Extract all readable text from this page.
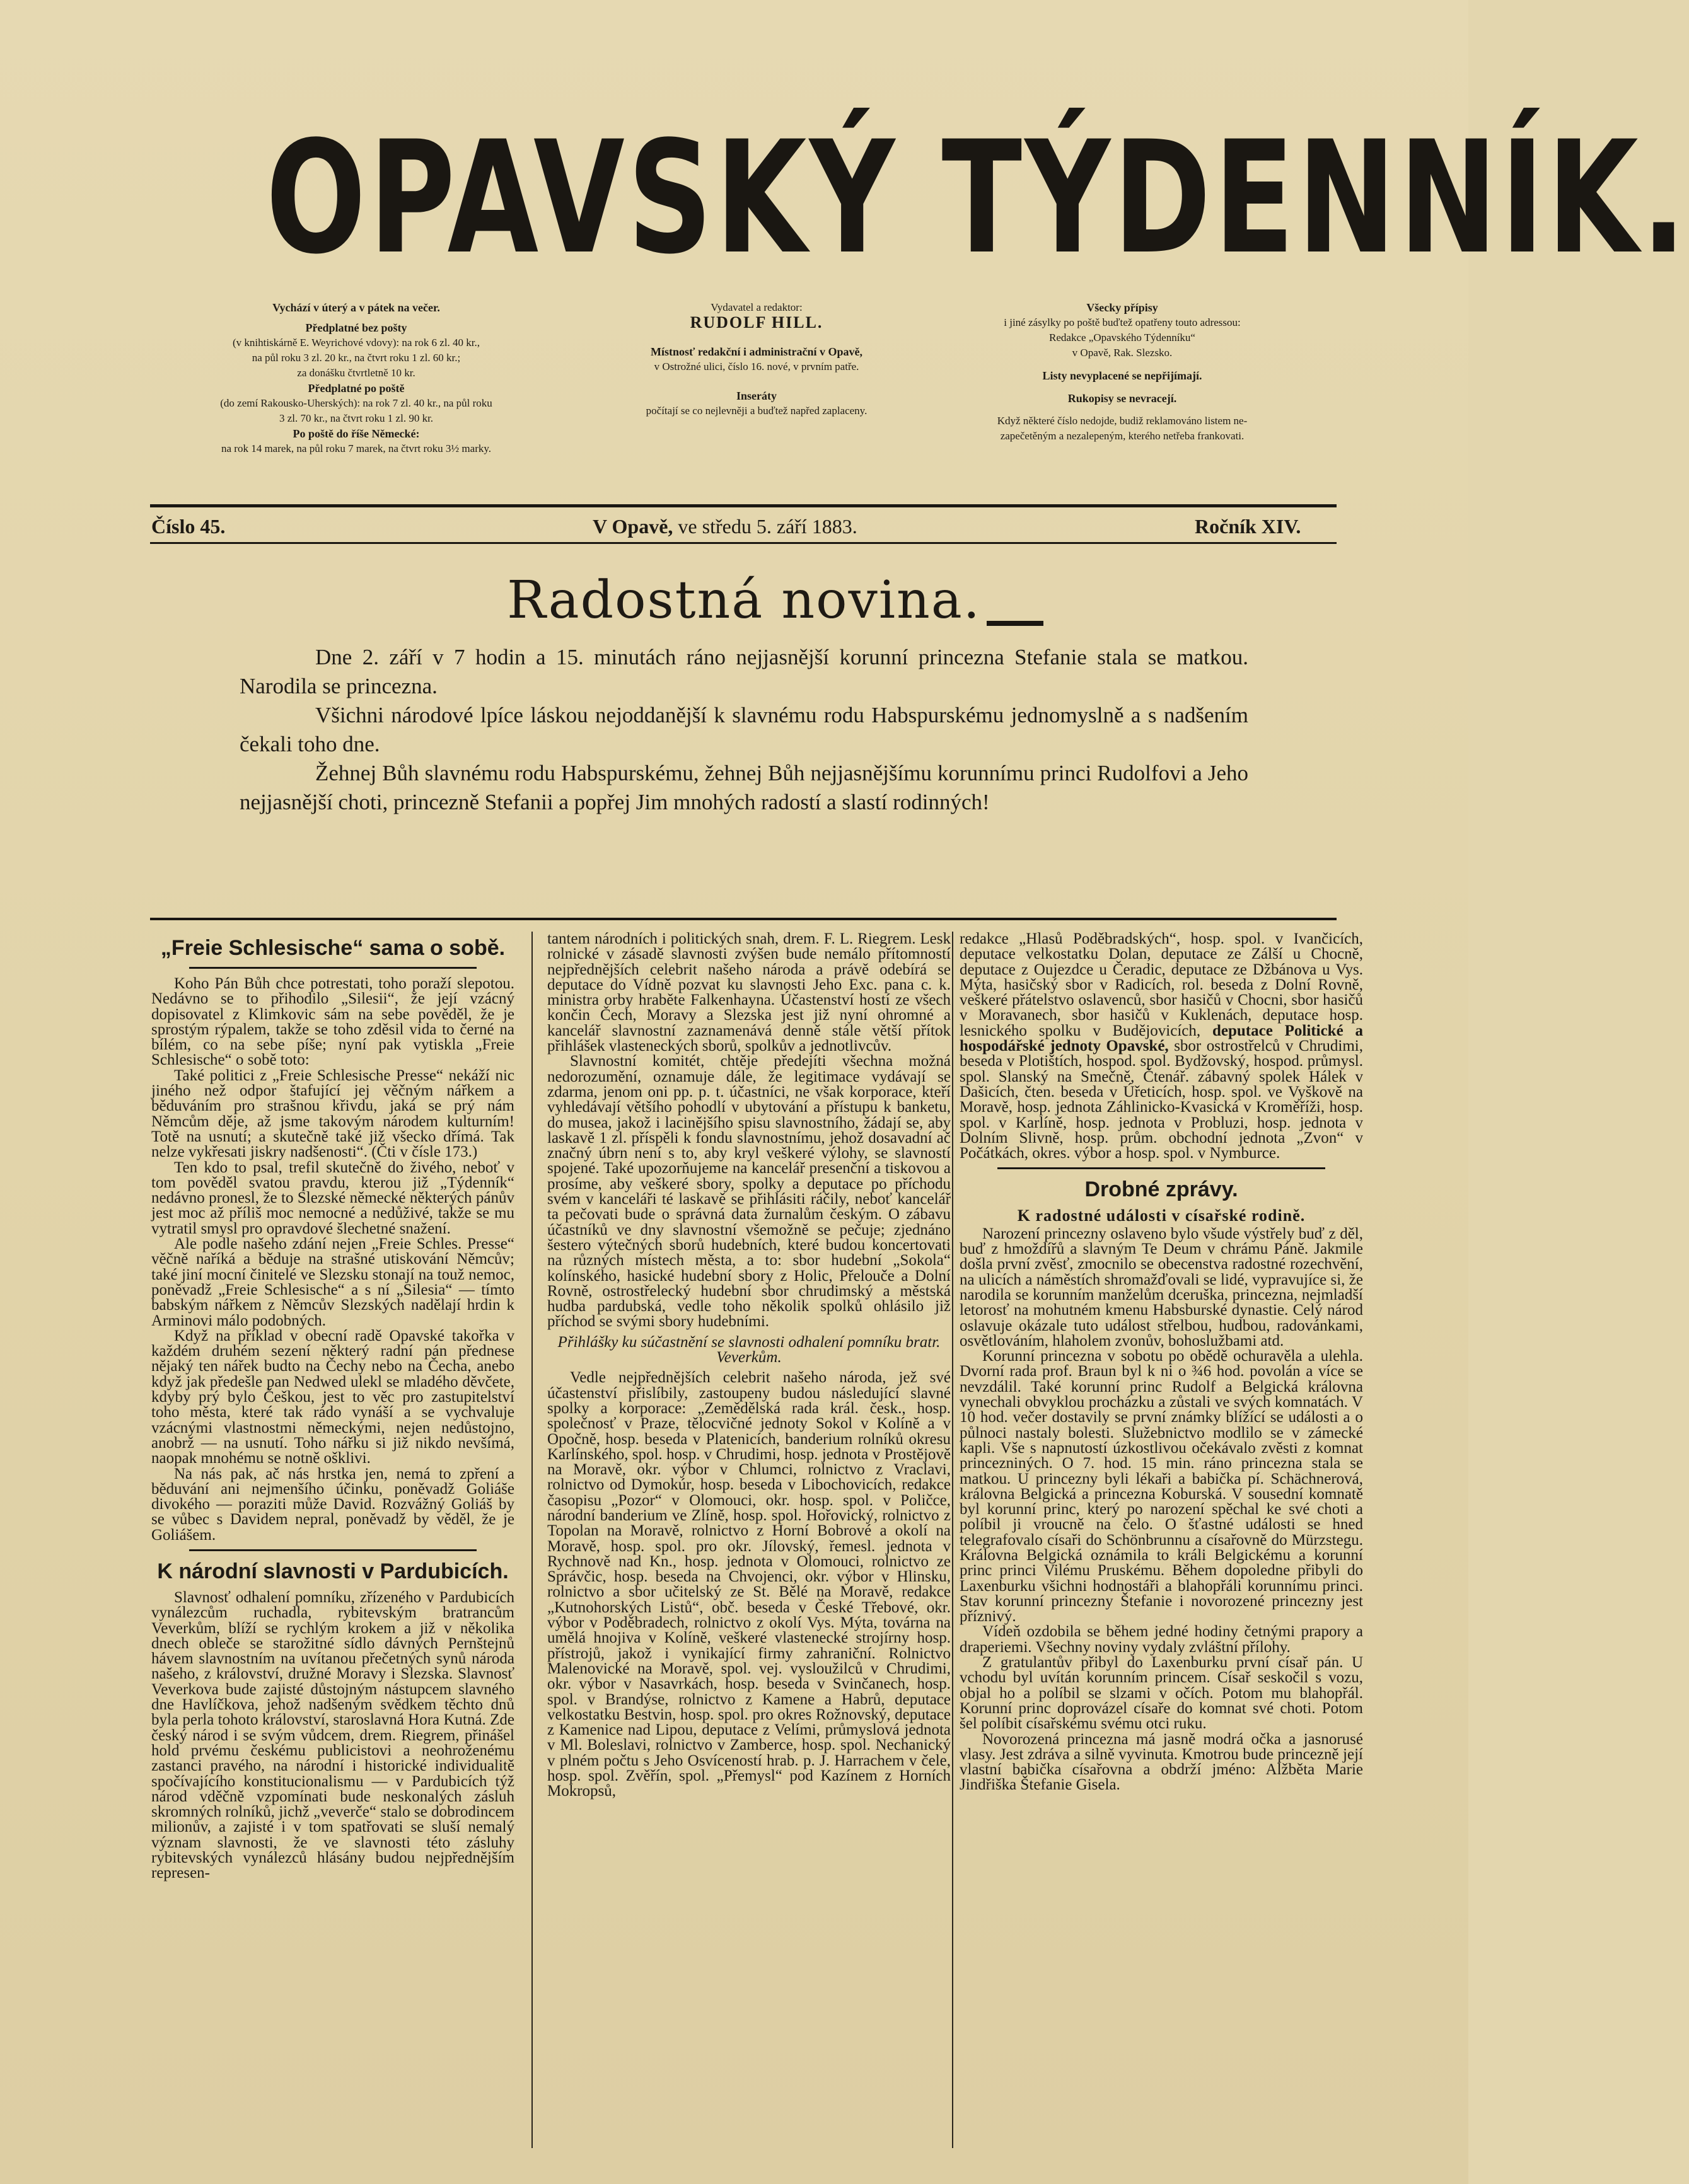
OPAVSKÝ TÝDENNÍK.
Vychází v úterý a v pátek na večer.
Předplatné bez pošty
(v knihtiskárně E. Weyrichové vdovy): na rok 6 zl. 40 kr.,
na půl roku 3 zl. 20 kr., na čtvrt roku 1 zl. 60 kr.;
za donášku čtvrtletně 10 kr.
Předplatné po poště
(do zemí Rakousko-Uherských): na rok 7 zl. 40 kr., na půl roku
3 zl. 70 kr., na čtvrt roku 1 zl. 90 kr.
Po poště do říše Německé:
na rok 14 marek, na půl roku 7 marek, na čtvrt roku 3½ marky.
Vydavatel a redaktor:
RUDOLF HILL.
Místnosť redakční i administrační v Opavě,
v Ostrožné ulici, číslo 16. nové, v prvním patře.
Inseráty
počítají se co nejlevněji a buďtež napřed zaplaceny.
Všecky přípisy
i jiné zásylky po poště buďtež opatřeny touto adressou:
Redakce „Opavského Týdenníku“
v Opavě, Rak. Slezsko.
Listy nevyplacené se nepřijímají.
Rukopisy se nevracejí.
Když některé číslo nedojde, budiž reklamováno listem ne-
zapečetěným a nezalepeným, kterého netřeba frankovati.
Číslo 45.	V Opavě, ve středu 5. září 1883.	Ročník XIV.
Radostná novina.

Dne 2. září v 7 hodin a 15. minutách ráno nejjasnější korunní princezna Stefanie stala se matkou. Narodila se princezna.

Všichni národové lpíce láskou nejoddanější k slavnému rodu Habspurskému jednomyslně a s nadšením čekali toho dne.

Žehnej Bůh slavnému rodu Habspurskému, žehnej Bůh nejjasnějšímu korunnímu princi Rudolfovi a Jeho nejjasnější choti, princezně Stefanii a popřej Jim mnohých radostí a slastí rodinných!

„Freie Schlesische“ sama o sobě.

Koho Pán Bůh chce potrestati, toho poraží slepotou. Nedávno se to přihodilo „Silesii“, že její vzácný dopisovatel z Klimkovic sám na sebe pověděl, že je sprostým rýpalem, takže se toho zděsil vida to černé na bílém, co na sebe píše; nyní pak vytiskla „Freie Schlesische“ o sobě toto:

Také politici z „Freie Schlesische Presse“ nekáží nic jiného než odpor štafující jej věčným nářkem a běduváním pro strašnou křivdu, jaká se prý nám Němcům děje, až jsme takovým národem kulturním! Totě na usnutí; a skutečně také již všecko dřímá. Tak nelze vykřesati jiskry nadšenosti“. (Čti v čísle 173.)

Ten kdo to psal, trefil skutečně do živého, neboť v tom pověděl svatou pravdu, kterou již „Týdenník“ nedávno pronesl, že to Slezské německé některých pánův jest moc až příliš moc nemocné a nedůživé, takže se mu vytratil smysl pro opravdové šlechetné snažení.

Ale podle našeho zdání nejen „Freie Schles. Presse“ věčně naříká a běduje na strašné utiskování Němcův; také jiní mocní činitelé ve Slezsku stonají na touž nemoc, poněvadž „Freie Schlesische“ a s ní „Silesia“ — tímto babským nářkem z Němcův Slezských nadělají hrdin k Arminovi málo podobných.

Když na příklad v obecní radě Opavské takořka v každém druhém sezení některý radní pán přednese nějaký ten nářek budto na Čechy nebo na Čecha, anebo když jak předešle pan Nedwed ulekl se mladého děvčete, kdyby prý bylo Češkou, jest to věc pro zastupitelství toho města, které tak rádo vynáší a se vychvaluje vzácnými vlastnostmi německými, nejen nedůstojno, anobrž — na usnutí. Toho nářku si již nikdo nevšímá, naopak mnohému se notně ošklivi.

Na nás pak, ač nás hrstka jen, nemá to zpření a běduvání ani nejmenšího účinku, poněvadž Goliáše divokého — poraziti může David. Rozvážný Goliáš by se vůbec s Davidem nepral, poněvadž by věděl, že je Goliášem.

K národní slavnosti v Pardubicích.

Slavnosť odhalení pomníku, zřízeného v Pardubicích vynálezcům ruchadla, rybitevským bratrancům Veverkům, blíží se rychlým krokem a již v několika dnech obleče se starožitné sídlo dávných Pernštejnů hávem slavnostním na uvítanou přečetných synů národa našeho, z království, družné Moravy i Slezska. Slavnosť Veverkova bude zajisté důstojným nástupcem slavného dne Havlíčkova, jehož nadšeným svědkem těchto dnů byla perla tohoto království, staroslavná Hora Kutná. Zde český národ i se svým vůdcem, drem. Riegrem, přinášel hold prvému českému publicistovi a neohroženému zastanci pravého, na národní i historické individualitě spočívajícího konstitucionalismu — v Pardubicích týž národ vděčně vzpomínati bude neskonalých zásluh skromných rolníků, jichž „veverče“ stalo se dobrodincem milionův, a zajisté i v tom spatřovati se sluší nemalý význam slavnosti, že ve slavnosti této zásluhy rybitevských vynálezců hlásány budou nejpřednějším represen-

tantem národních i politických snah, drem. F. L. Riegrem. Lesk rolnické v zásadě slavnosti zvýšen bude nemálo přítomností nejpřednějších celebrit našeho národa a právě odebírá se deputace do Vídně pozvat ku slavnosti Jeho Exc. pana c. k. ministra orby hraběte Falkenhayna. Účastenství hostí ze všech končin Čech, Moravy a Slezska jest již nyní ohromné a kancelář slavnostní zaznamenává denně stále větší přítok přihlášek vlasteneckých sborů, spolkův a jednotlivcův.

Slavnostní komitét, chtěje předejíti všechna možná nedorozumění, oznamuje dále, že legitimace vydávají se zdarma, jenom oni pp. p. t. účastníci, ne však korporace, kteří vyhledávají většího pohodlí v ubytování a přístupu k banketu, do musea, jakož i lacinějšího spisu slavnostního, žádají se, aby laskavě 1 zl. příspěli k fondu slavnostnímu, jehož dosavadní ač značný úbrn není s to, aby kryl veškeré výlohy, se slavností spojené. Také upozorňujeme na kancelář presenční a tiskovou a prosíme, aby veškeré sbory, spolky a deputace po příchodu svém v kanceláři té laskavě se přihlásiti ráčily, neboť kancelář ta pečovati bude o správná data žurnalům českým. O zábavu účastníků ve dny slavnostní všemožně se pečuje; zjednáno šestero výtečných sborů hudebních, které budou koncertovati na různých místech města, a to: sbor hudební „Sokola“ kolínského, hasické hudební sbory z Holic, Přelouče a Dolní Rovně, ostrostřelecký hudební sbor chrudimský a městská hudba pardubská, vedle toho několik spolků ohlásilo již příchod se svými sbory hudebními.

Přihlášky ku súčastnění se slavnosti odhalení pomníku bratr. Veverkům.

Vedle nejpřednějších celebrit našeho národa, jež své účastenství přislíbily, zastoupeny budou následující slavné spolky a korporace: „Zemědělská rada král. česk., hosp. společnosť v Praze, tělocvičné jednoty Sokol v Kolíně a v Opočně, hosp. beseda v Platenicích, banderium rolníků okresu Karlínského, spol. hosp. v Chrudimi, hosp. jednota v Prostějově na Moravě, okr. výbor v Chlumci, rolnictvo z Vraclavi, rolnictvo od Dymokúr, hosp. beseda v Libochovicích, redakce časopisu „Pozor“ v Olomouci, okr. hosp. spol. v Poličce, národní banderium ve Zlíně, hosp. spol. Hořovický, rolnictvo z Topolan na Moravě, rolnictvo z Horní Bobrové a okolí na Moravě, hosp. spol. pro okr. Jílovský, řemesl. jednota v Rychnově nad Kn., hosp. jednota v Olomouci, rolnictvo ze Správčic, hosp. beseda na Chvojenci, okr. výbor v Hlinsku, rolnictvo a sbor učitelský ze St. Bělé na Moravě, redakce „Kutnohorských Listů“, obč. beseda v České Třebové, okr. výbor v Poděbradech, rolnictvo z okolí Vys. Mýta, továrna na umělá hnojiva v Kolíně, veškeré vlastenecké strojírny hosp. přístrojů, jakož i vynikající firmy zahraniční. Rolnictvo Malenovické na Moravě, spol. vej. vysloužilců v Chrudimi, okr. výbor v Nasavrkách, hosp. beseda v Svinčanech, hosp. spol. v Brandýse, rolnictvo z Kamene a Habrů, deputace velkostatku Bestvin, hosp. spol. pro okres Rožnovský, deputace z Kamenice nad Lipou, deputace z Velími, průmyslová jednota v Ml. Boleslavi, rolnictvo v Zamberce, hosp. spol. Nechanický v plném počtu s Jeho Osvíceností hrab. p. J. Harrachem v čele, hosp. spol. Zvěřín, spol. „Přemysl“ pod Kazínem z Horních Mokropsů,

redakce „Hlasů Poděbradských“, hosp. spol. v Ivančicích, deputace velkostatku Dolan, deputace ze Zálší u Chocně, deputace z Oujezdce u Čeradic, deputace ze Džbánova u Vys. Mýta, hasičský sbor v Radicích, rol. beseda z Dolní Rovně, veškeré přátelstvo oslavenců, sbor hasičů v Chocni, sbor hasičů v Moravanech, sbor hasičů v Kuklenách, deputace hosp. lesnického spolku v Budějovicích, deputace Politické a hospodářské jednoty Opavské, sbor ostrostřelců v Chrudimi, beseda v Plotištích, hospod. spol. Bydžovský, hospod. průmysl. spol. Slanský na Smečně, Čtenář. zábavný spolek Hálek v Dašicích, čten. beseda v Úřeticích, hosp. spol. ve Vyškově na Moravě, hosp. jednota Záhlinicko-Kvasická v Kroměříži, hosp. spol. v Karlíně, hosp. jednota v Probluzi, hosp. jednota v Dolním Slivně, hosp. prům. obchodní jednota „Zvon“ v Počátkách, okres. výbor a hosp. spol. v Nymburce.

Drobné zprávy.
K radostné události v císařské rodině.

Narození princezny oslaveno bylo všude výstřely buď z děl, buď z hmoždířů a slavným Te Deum v chrámu Páně. Jakmile došla první zvěsť, zmocnilo se obecenstva radostné rozechvění, na ulicích a náměstích shromažďovali se lidé, vypravujíce si, že narodila se korunním manželům dceruška, princezna, nejmladší letorosť na mohutném kmenu Habsburské dynastie. Celý národ oslavuje okázale tuto událost střelbou, hudbou, radovánkami, osvětlováním, hlaholem zvonův, bohoslužbami atd.

Korunní princezna v sobotu po obědě ochuravěla a ulehla. Dvorní rada prof. Braun byl k ni o ¾6 hod. povolán a více se nevzdálil. Také korunní princ Rudolf a Belgická královna vynechali obvyklou procházku a zůstali ve svých komnatách. V 10 hod. večer dostavily se první známky blížící se události a o půlnoci nastaly bolesti. Služebnictvo modlilo se v zámecké kapli. Vše s napnutostí úzkostlivou očekávalo zvěsti z komnat princezniných. O 7. hod. 15 min. ráno princezna stala se matkou. U princezny byli lékaři a babička pí. Schächnerová, královna Belgická a princezna Koburská. V sousední komnatě byl korunní princ, který po narození spěchal ke své choti a políbil ji vroucně na čelo. O šťastné události se hned telegrafovalo císaři do Schönbrunnu a císařovně do Mürzstegu. Královna Belgická oznámila to králi Belgickému a korunní princ princi Vilému Pruskému. Během dopoledne přibyli do Laxenburku všichni hodnostáři a blahopřáli korunnímu princi. Stav korunní princezny Štefanie i novorozené princezny jest příznivý.

Vídeň ozdobila se během jedné hodiny četnými prapory a draperiemi. Všechny noviny vydaly zvláštní přílohy.

Z gratulantův přibyl do Laxenburku první císař pán. U vchodu byl uvítán korunním princem. Císař seskočil s vozu, objal ho a políbil se slzami v očích. Potom mu blahopřál. Korunní princ doprovázel císaře do komnat své choti. Potom šel políbit císařskému svému otci ruku.

Novorozená princezna má jasně modrá očka a jasnorusé vlasy. Jest zdráva a silně vyvinuta. Kmotrou bude princezně její vlastní babička císařovna a obdrží jméno: Alžběta Marie Jindřiška Štefanie Gisela.
